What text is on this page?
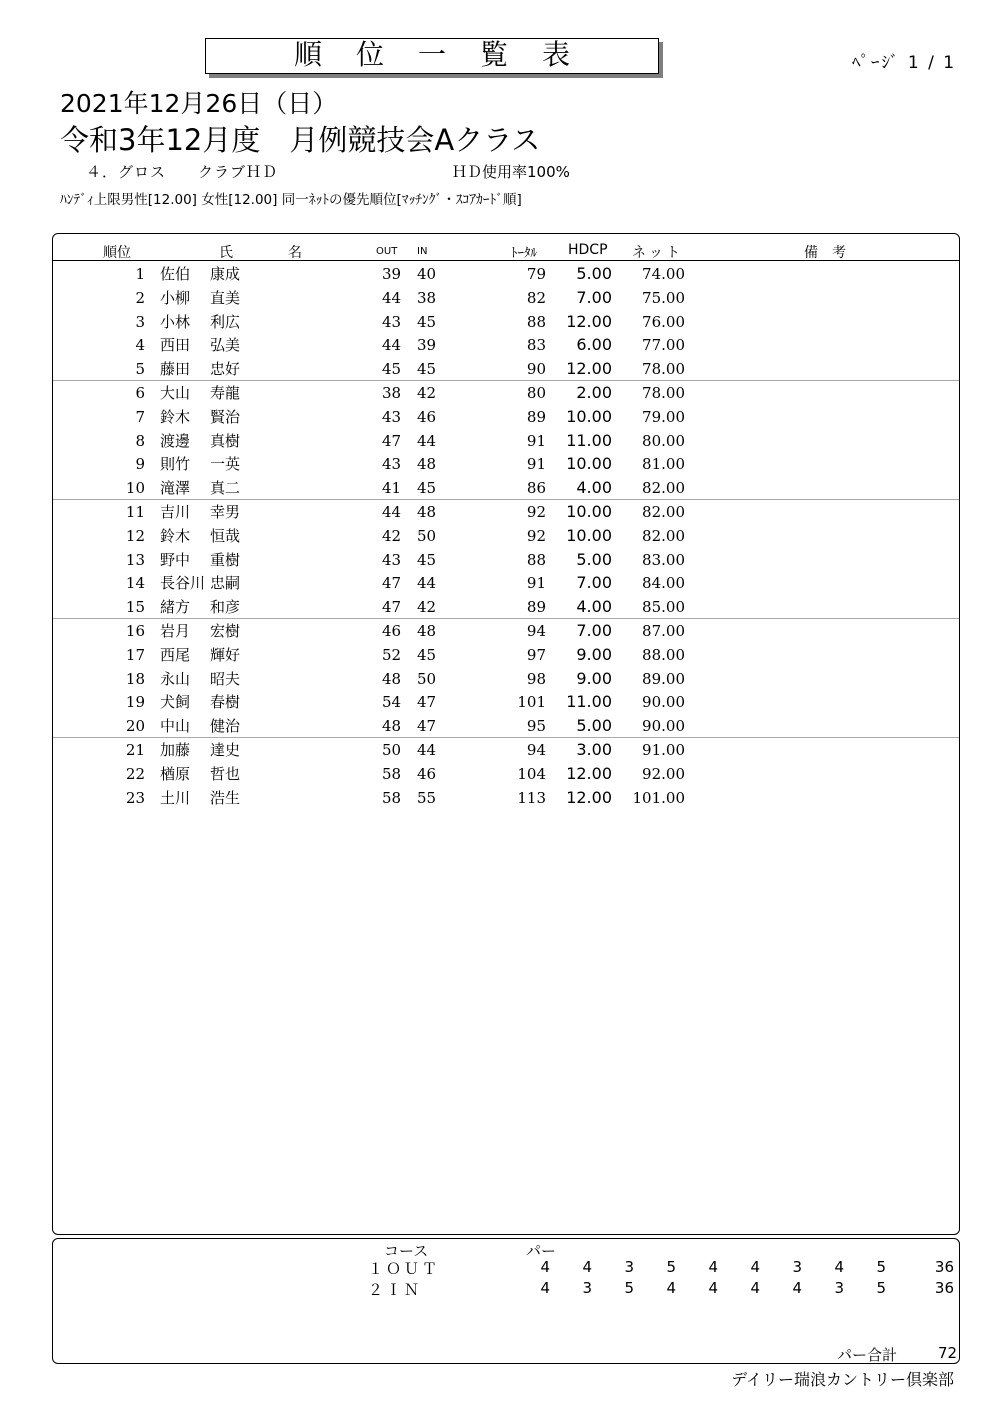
順位一覧表	ﾍﾟｰｼﾞ 1 / 1
2021年12月26日（日）
令和3年12月度　月例競技会Aクラス
４．グロス クラブＨＤ	ＨＤ使用率100%
ﾊﾝﾃﾞｨ上限男性[12.00] 女性[12.00] 同一ﾈｯﾄの優先順位[ﾏｯﾁﾝｸﾞ・ｽｺｱｶｰﾄﾞ順]
順位	氏	名	OUT IN	ﾄｰﾀﾙ HDCP ネット	備　考
1 佐伯 康成	39 40	79 5.00 74.00
2 小柳 直美	44 38	82 7.00 75.00
3 小林 利広	43 45	88 12.00 76.00
4 西田 弘美	44 39	83 6.00 77.00
5 藤田 忠好	45 45	90 12.00 78.00
6 大山 寿龍	38 42	80 2.00 78.00
7 鈴木 賢治	43 46	89 10.00 79.00
8 渡邊 真樹	47 44	91 11.00 80.00
9 則竹 一英	43 48	91 10.00 81.00
10 滝澤 真二	41 45	86 4.00 82.00
11 吉川 幸男	44 48	92 10.00 82.00
12 鈴木 恒哉	42 50	92 10.00 82.00
13 野中 重樹	43 45	88 5.00 83.00
14 長谷川 忠嗣	47 44	91 7.00 84.00
15 緒方 和彦	47 42	89 4.00 85.00
16 岩月 宏樹	46 48	94 7.00 87.00
17 西尾 輝好	52 45	97 9.00 88.00
18 永山 昭夫	48 50	98 9.00 89.00
19 犬飼 春樹	54 47	101 11.00 90.00
20 中山 健治	48 47	95 5.00 90.00
21 加藤 達史	50 44	94 3.00 91.00
22 楢原 哲也	58 46	104 12.00 92.00
23 土川 浩生	58 55	113 12.00 101.00
コース	パー
１ＯＵＴ	4	4	3	5	4	4	3	4	5	36
２ＩＮ	4	3	5	4	4	4	4	3	5	36
パー合計	72
デイリー瑞浪カントリー倶楽部
